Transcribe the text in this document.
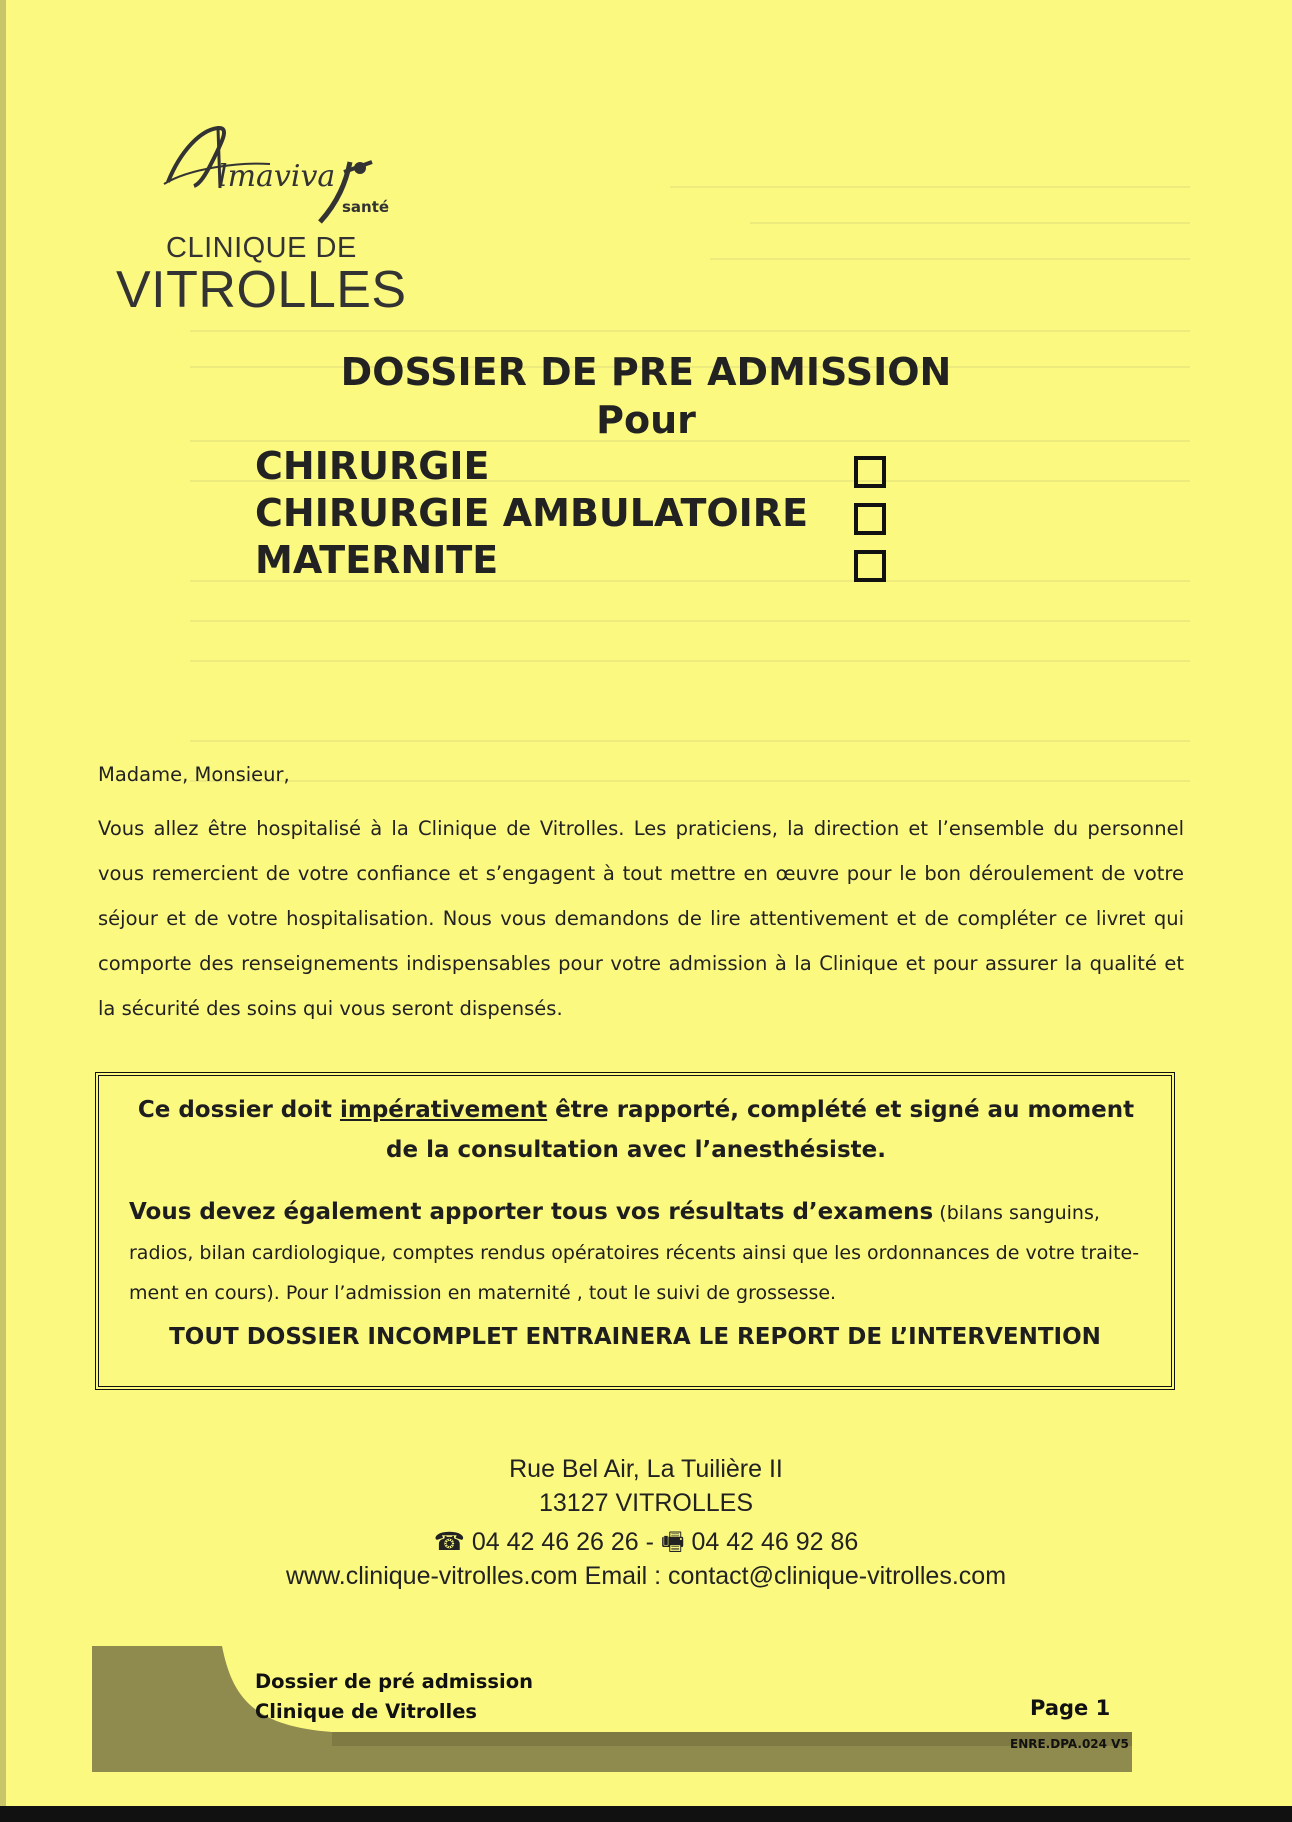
lmaviva
santé
CLINIQUE DE
VITROLLES
DOSSIER DE PRE ADMISSION
Pour
CHIRURGIE
CHIRURGIE AMBULATOIRE
MATERNITE
Madame, Monsieur,
Vous allez être hospitalisé à la Clinique de Vitrolles. Les praticiens, la direction et l’ensemble du personnel vous remercient de votre confiance et s’engagent à tout mettre en œuvre pour le bon déroulement de votre séjour et de votre hospitalisation. Nous vous demandons de lire attentivement et de compléter ce livret qui comporte des renseignements indispensables pour votre admission à la Clinique et pour assurer la qualité et la sécurité des soins qui vous seront dispensés.
Ce dossier doit impérativement être rapporté, complété et signé au moment de la consultation avec l’anesthésiste.
Vous devez également apporter tous vos résultats d’examens (bilans sanguins, radios, bilan cardiologique, comptes rendus opératoires récents ainsi que les ordonnances de votre traite-ment en cours). Pour l’admission en maternité , tout le suivi de grossesse.
TOUT DOSSIER INCOMPLET ENTRAINERA LE REPORT DE L’INTERVENTION
Rue Bel Air, La Tuilière II
13127 VITROLLES
☎ 04 42 46 26 26 - 🖷 04 42 46 92 86
www.clinique-vitrolles.com Email : contact@clinique-vitrolles.com
Dossier de pré admission
Clinique de Vitrolles	Page 1
ENRE.DPA.024 V5
